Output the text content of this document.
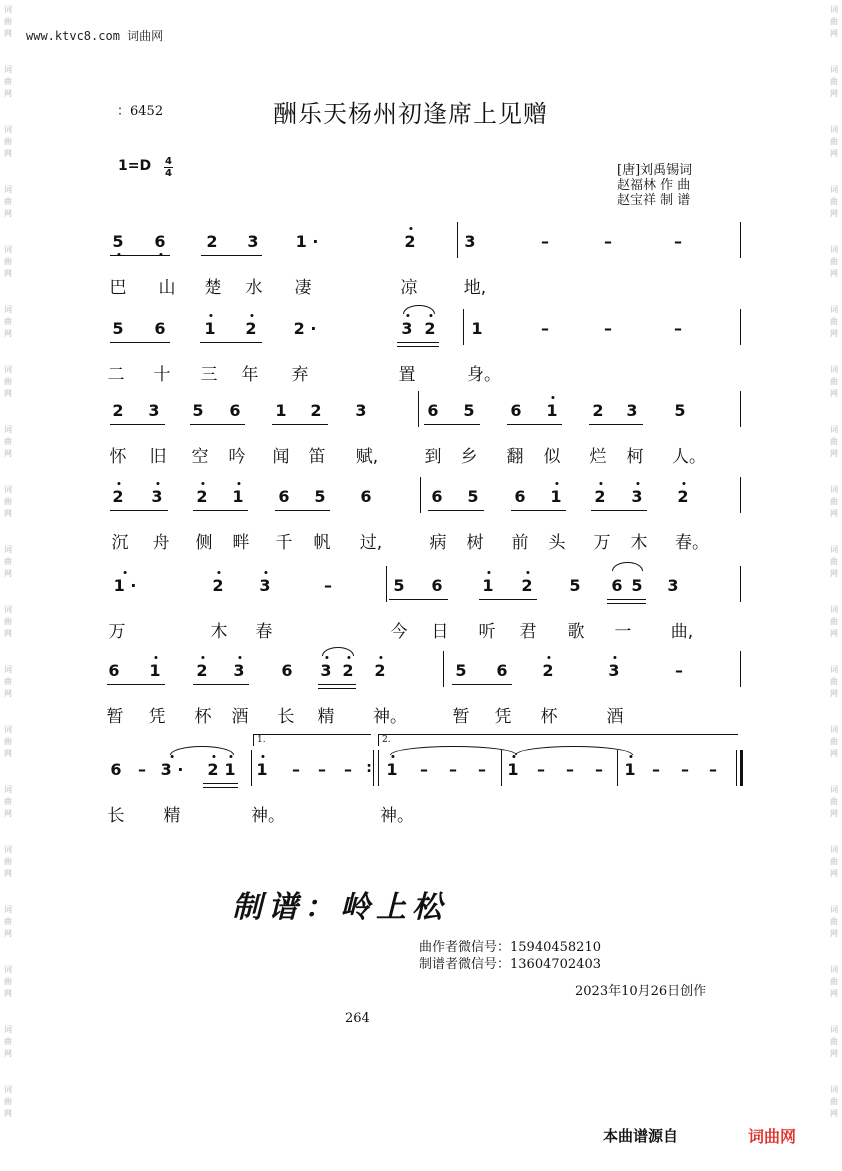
词
曲
网
词
曲
网
词
曲
网
词
曲
网
词
曲
网
词
曲
网
词
曲
网
词
曲
网
词
曲
网
词
曲
网
词
曲
网
词
曲
网
词
曲
网
词
曲
网
词
曲
网
词
曲
网
词
曲
网
词
曲
网
词
曲
网
词
曲
网
词
曲
网
词
曲
网
词
曲
网
词
曲
网
词
曲
网
词
曲
网
词
曲
网
词
曲
网
词
曲
网
词
曲
网
词
曲
网
词
曲
网
词
曲
网
词
曲
网
词
曲
网
词
曲
网
词
曲
网
词
曲
网
www.ktvc8.com 词曲网
：6452	酬乐天杨州初逢席上见赠
1=D 4
4	[唐]刘禹锡词
赵福林 作 曲
赵宝祥 制 谱
5 6	2 3 1 ·	2	3	–	–	–
巴 山 楚 水 凄	凉	地,
5 6 1 2 2 ·	3 2 1	–	–	–
二 十 三 年 弃	置	身。
2 3 5 6 1 2 3	6 5 6 1 2 3 5
怀 旧 空 吟 闻 笛 赋,	到 乡 翻 似 烂 柯 人。
2 3 2 1 6 5 6	6 5 6 1 2 3 2
沉 舟 侧 畔 千 帆 过,	病 树 前 头 万 木 春。
1 ·	2 3	–	5 6 1 2 5 6 5 3
万	木 春	今 日 听 君 歌 一 曲,
6 1 2 3 6 3 2 2	5 6 2	3	–
暂 凭 杯 酒 长 精 神。	暂 凭 杯	酒
6 – 3 · 2 1 1 – – – 1 – – – 1 – – – 1 – – –
长 精	神。	神。
:
1.	2.
制谱：岭上松
曲作者微信号：15940458210
制谱者微信号：13604702403
2023年10月26日创作
264
本曲谱源自	词曲网
